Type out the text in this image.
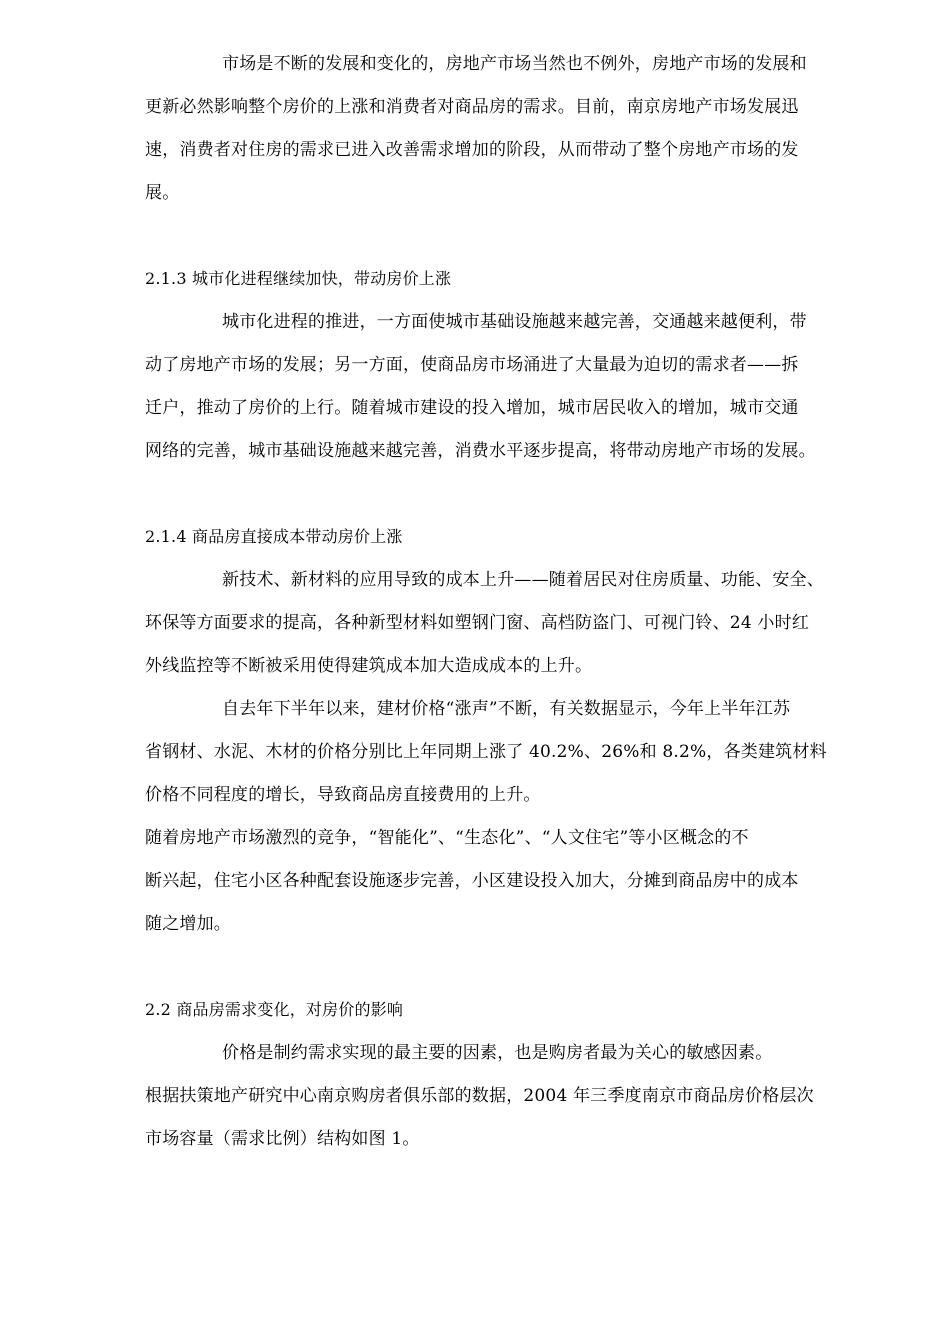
市场是不断的发展和变化的，房地产市场当然也不例外，房地产市场的发展和
更新必然影响整个房价的上涨和消费者对商品房的需求。目前，南京房地产市场发展迅
速，消费者对住房的需求已进入改善需求增加的阶段，从而带动了整个房地产市场的发
展。
2.1.3 城市化进程继续加快，带动房价上涨
城市化进程的推进，一方面使城市基础设施越来越完善，交通越来越便利，带
动了房地产市场的发展；另一方面，使商品房市场涌进了大量最为迫切的需求者——拆
迁户，推动了房价的上行。随着城市建设的投入增加，城市居民收入的增加，城市交通
网络的完善，城市基础设施越来越完善，消费水平逐步提高，将带动房地产市场的发展。
2.1.4 商品房直接成本带动房价上涨
新技术、新材料的应用导致的成本上升——随着居民对住房质量、功能、安全、
环保等方面要求的提高，各种新型材料如塑钢门窗、高档防盗门、可视门铃、24 小时红
外线监控等不断被采用使得建筑成本加大造成成本的上升。
自去年下半年以来，建材价格“涨声”不断，有关数据显示，今年上半年江苏
省钢材、水泥、木材的价格分别比上年同期上涨了 40.2%、26%和 8.2%，各类建筑材料
价格不同程度的增长，导致商品房直接费用的上升。
随着房地产市场激烈的竞争，“智能化”、“生态化”、“人文住宅”等小区概念的不
断兴起，住宅小区各种配套设施逐步完善，小区建设投入加大，分摊到商品房中的成本
随之增加。
2.2 商品房需求变化，对房价的影响
价格是制约需求实现的最主要的因素，也是购房者最为关心的敏感因素。
根据扶策地产研究中心南京购房者俱乐部的数据，2004 年三季度南京市商品房价格层次
市场容量（需求比例）结构如图 1。
